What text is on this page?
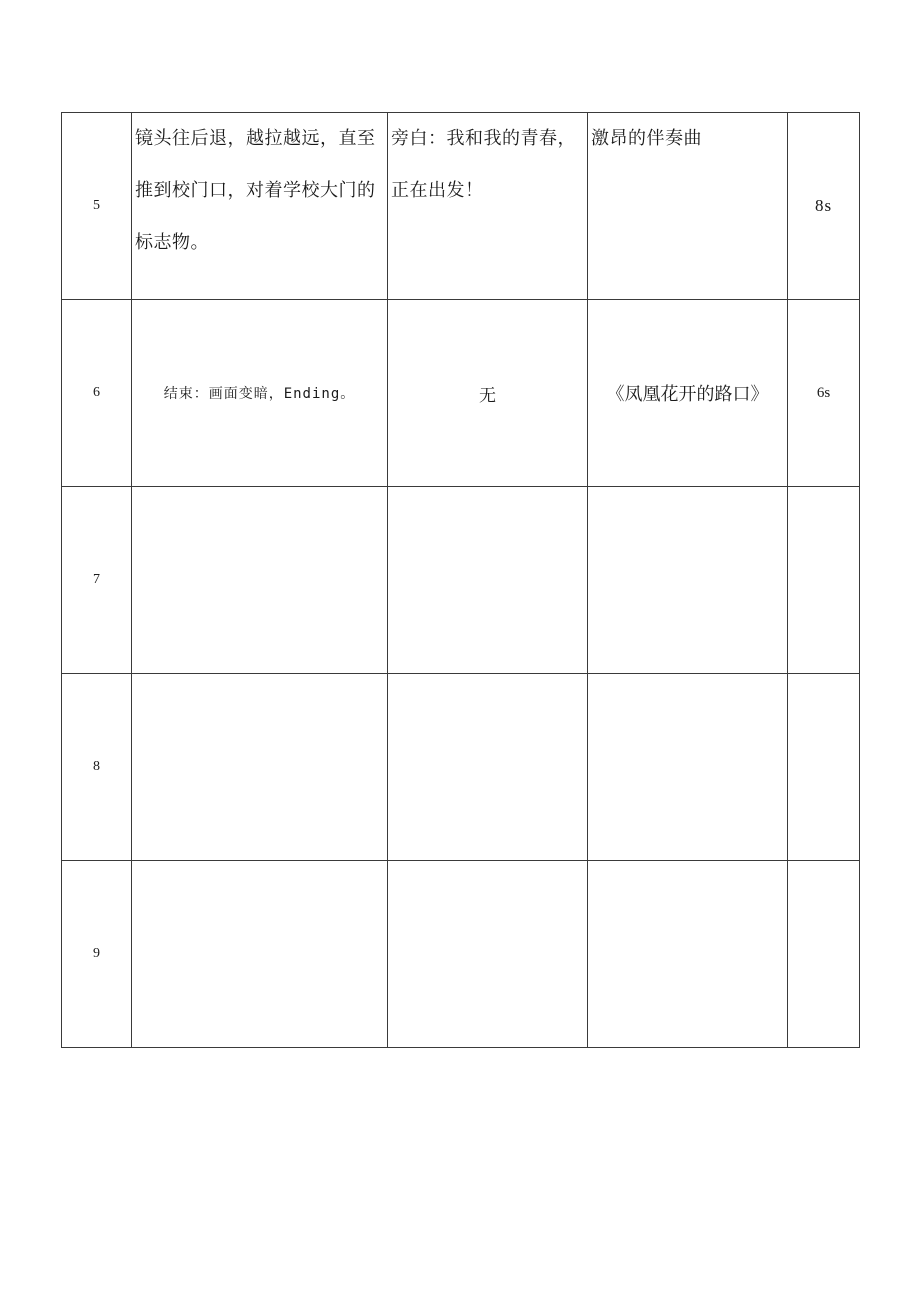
5	镜头往后退，越拉越远，直至推到校门口，对着学校大门的标志物。	旁白：我和我的青春，正在出发！	激昂的伴奏曲	8s
6	结束：画面变暗，Ending。	无	《凤凰花开的路口》	6s
7				
8				
9				
